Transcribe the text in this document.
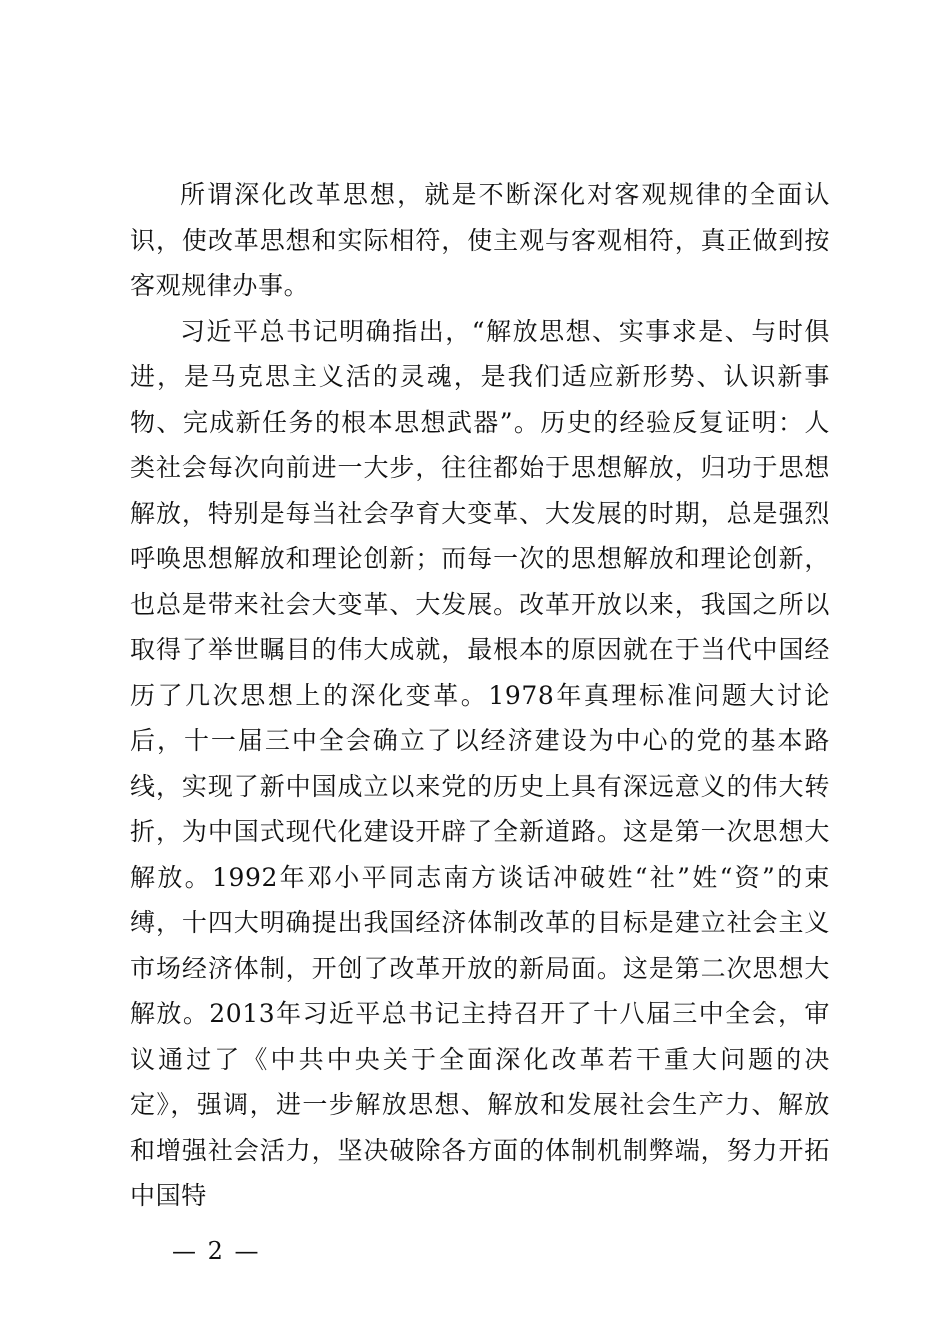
所谓深化改革思想，就是不断深化对客观规律的全面认识，使改革思想和实际相符，使主观与客观相符，真正做到按客观规律办事。

习近平总书记明确指出，“解放思想、实事求是、与时俱进，是马克思主义活的灵魂，是我们适应新形势、认识新事物、完成新任务的根本思想武器”。历史的经验反复证明：人类社会每次向前进一大步，往往都始于思想解放，归功于思想解放，特别是每当社会孕育大变革、大发展的时期，总是强烈呼唤思想解放和理论创新；而每一次的思想解放和理论创新，也总是带来社会大变革、大发展。改革开放以来，我国之所以取得了举世瞩目的伟大成就，最根本的原因就在于当代中国经历了几次思想上的深化变革。1978年真理标准问题大讨论后，十一届三中全会确立了以经济建设为中心的党的基本路线，实现了新中国成立以来党的历史上具有深远意义的伟大转折，为中国式现代化建设开辟了全新道路。这是第一次思想大解放。1992年邓小平同志南方谈话冲破姓“社”姓“资”的束缚，十四大明确提出我国经济体制改革的目标是建立社会主义市场经济体制，开创了改革开放的新局面。这是第二次思想大解放。2013年习近平总书记主持召开了十八届三中全会，审议通过了《中共中央关于全面深化改革若干重大问题的决定》，强调，进一步解放思想、解放和发展社会生产力、解放和增强社会活力，坚决破除各方面的体制机制弊端，努力开拓中国特

— 2 —
